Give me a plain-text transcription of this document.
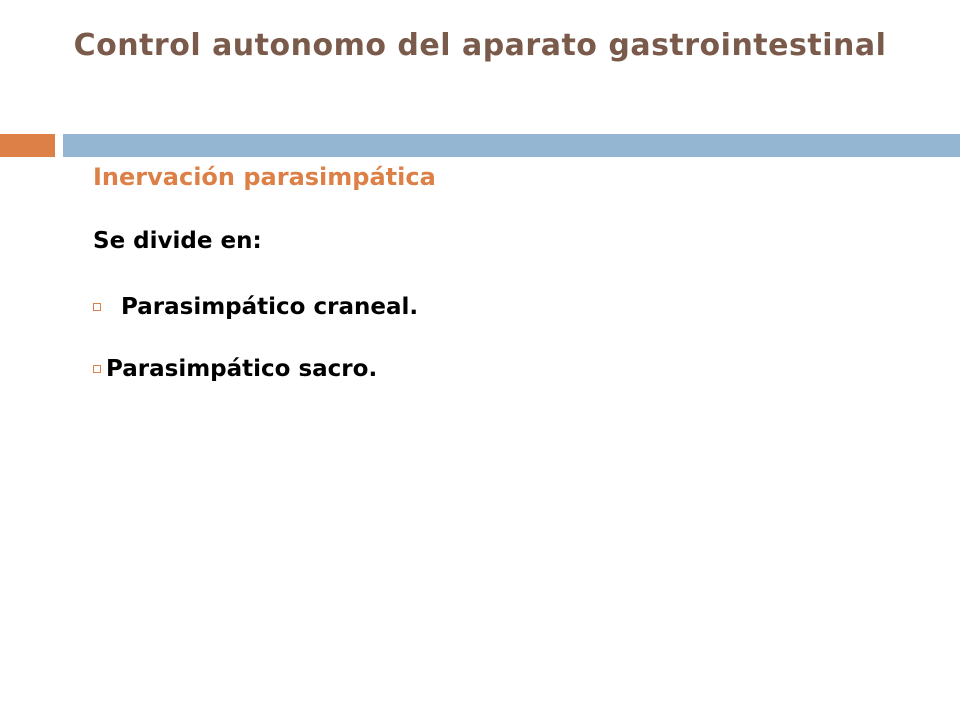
Control autonomo del aparato gastrointestinal
Inervación parasimpática
Se divide en:
Parasimpático craneal.
Parasimpático sacro.
